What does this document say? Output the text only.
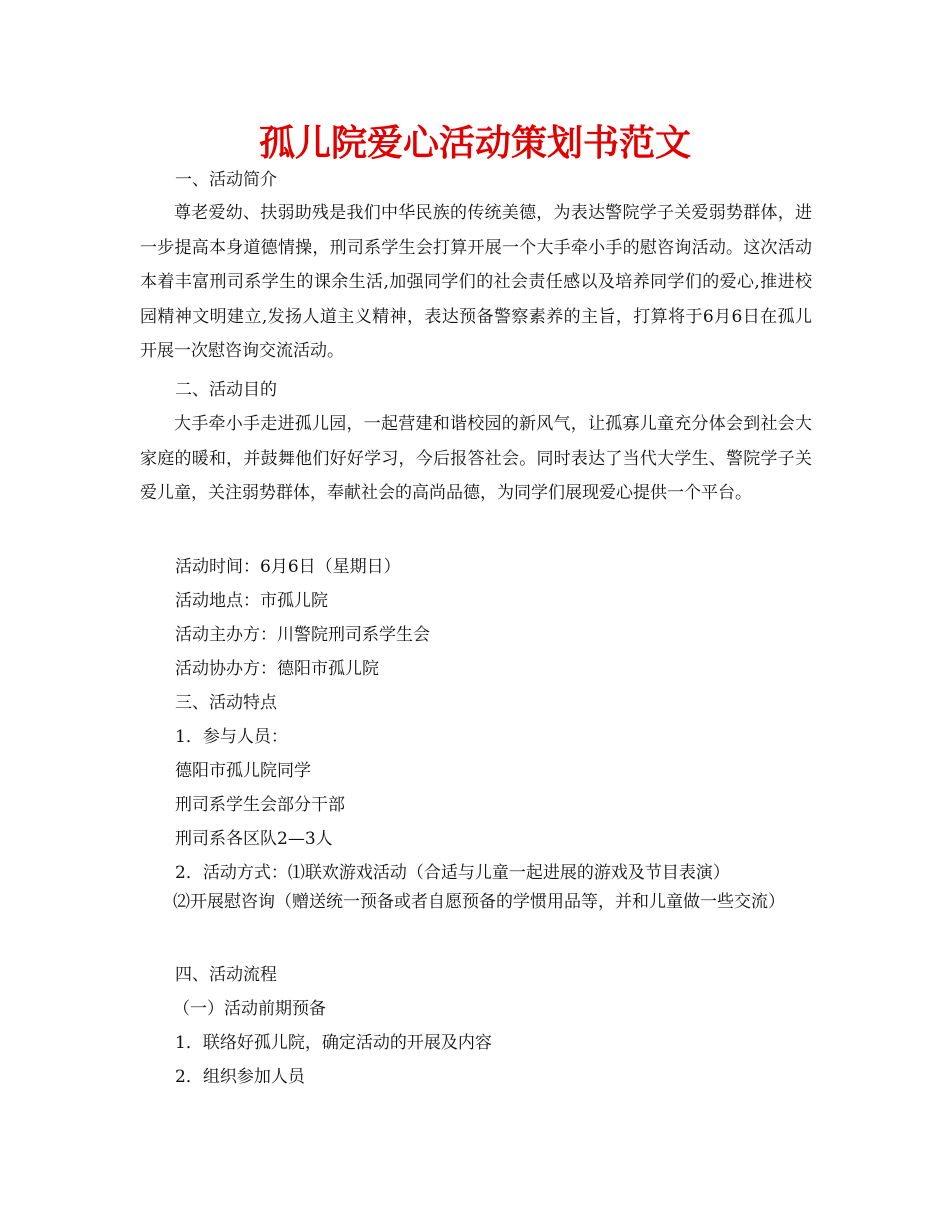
孤儿院爱心活动策划书范文

一、活动简介

尊老爱幼、扶弱助残是我们中华民族的传统美德，为表达警院学子关爱弱势群体，进一步提高本身道德情操，刑司系学生会打算开展一个大手牵小手的慰咨询活动。这次活动本着丰富刑司系学生的课余生活,加强同学们的社会责任感以及培养同学们的爱心,推进校园精神文明建立,发扬人道主义精神，表达预备警察素养的主旨，打算将于6月6日在孤儿开展一次慰咨询交流活动。

二、活动目的

大手牵小手走进孤儿园，一起营建和谐校园的新风气，让孤寡儿童充分体会到社会大家庭的暖和，并鼓舞他们好好学习，今后报答社会。同时表达了当代大学生、警院学子关爱儿童，关注弱势群体，奉献社会的高尚品德，为同学们展现爱心提供一个平台。

活动时间：6月6日（星期日）

活动地点：市孤儿院

活动主办方：川警院刑司系学生会

活动协办方：德阳市孤儿院

三、活动特点

1．参与人员：

德阳市孤儿院同学

刑司系学生会部分干部

刑司系各区队2—3人

2．活动方式：⑴联欢游戏活动（合适与儿童一起进展的游戏及节目表演）

⑵开展慰咨询（赠送统一预备或者自愿预备的学惯用品等，并和儿童做一些交流）

四、活动流程

（一）活动前期预备

1．联络好孤儿院，确定活动的开展及内容

2．组织参加人员
